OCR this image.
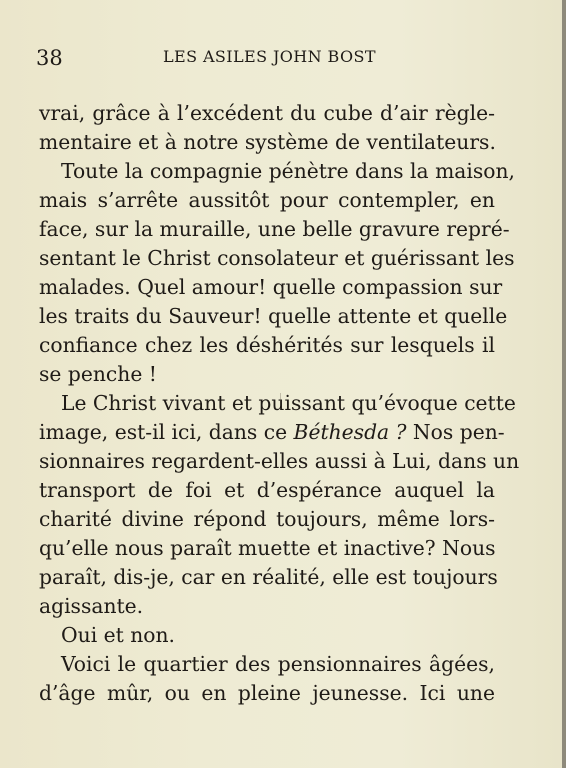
38	LES ASILES JOHN BOST
vrai, grâce à l’excédent du cube d’air règle-
mentaire et à notre système de ventilateurs.
Toute la compagnie pénètre dans la maison,
mais s’arrête aussitôt pour contempler, en
face, sur la muraille, une belle gravure repré-
sentant le Christ consolateur et guérissant les
malades. Quel amour! quelle compassion sur
les traits du Sauveur! quelle attente et quelle
confiance chez les déshérités sur lesquels il
se penche !
Le Christ vivant et puissant qu’évoque cette
image, est-il ici, dans ce Béthesda ? Nos pen-
sionnaires regardent-elles aussi à Lui, dans un
transport de foi et d’espérance auquel la
charité divine répond toujours, même lors-
qu’elle nous paraît muette et inactive? Nous
paraît, dis-je, car en réalité, elle est toujours
agissante.
Oui et non.
Voici le quartier des pensionnaires âgées,
d’âge mûr, ou en pleine jeunesse. Ici une
